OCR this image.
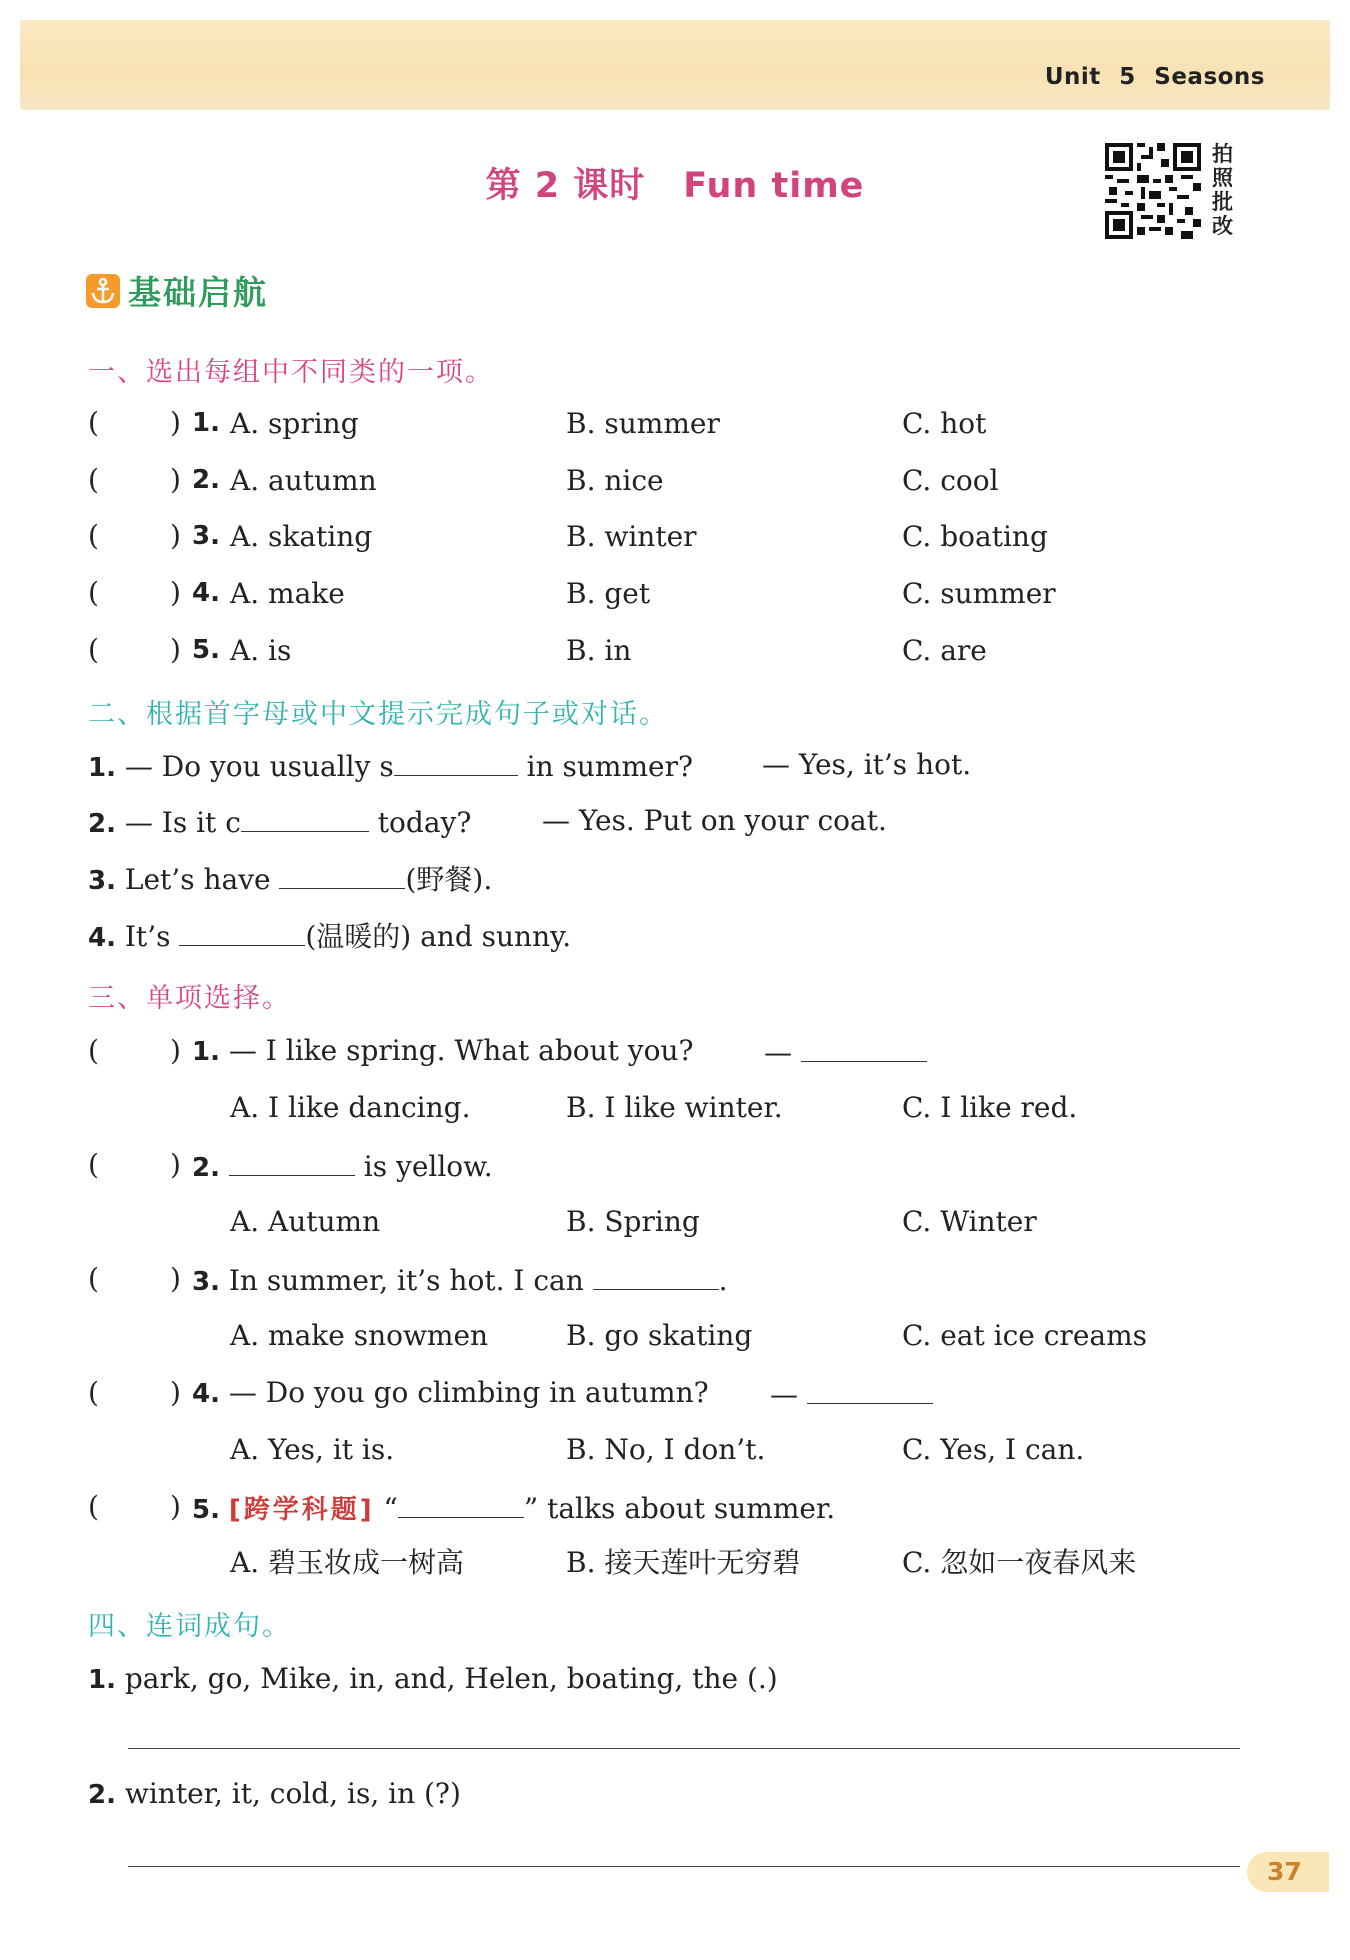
Unit 5 Seasons
第 2 课时 Fun time
拍照批改
基础启航
一、选出每组中不同类的一项。
(	) 1. A. spring	B. summer	C. hot
(	) 2. A. autumn	B. nice	C. cool
(	) 3. A. skating	B. winter	C. boating
(	) 4. A. make	B. get	C. summer
(	) 5. A. is	B. in	C. are
二、根据首字母或中文提示完成句子或对话。
1. — Do you usually s	in summer? — Yes, it’s hot.
2. — Is it c	today?	— Yes. Put on your coat.
3. Let’s have	(野餐).
4. It’s	(温暖的) and sunny.
三、单项选择。
(	) 1. — I like spring. What about you?	—
A. I like dancing.	B. I like winter.	C. I like red.
(	) 2.	is yellow.
A. Autumn	B. Spring	C. Winter
(	) 3. In summer, it’s hot. I can	.
A. make snowmen	B. go skating	C. eat ice creams
(	) 4. — Do you go climbing in autumn? —
A. Yes, it is.	B. No, I don’t.	C. Yes, I can.
(	) 5. [跨学科题] “	” talks about summer.
A. 碧玉妆成一树高	B. 接天莲叶无穷碧	C. 忽如一夜春风来
四、连词成句。
1. park, go, Mike, in, and, Helen, boating, the (.)
2. winter, it, cold, is, in (?)
37
